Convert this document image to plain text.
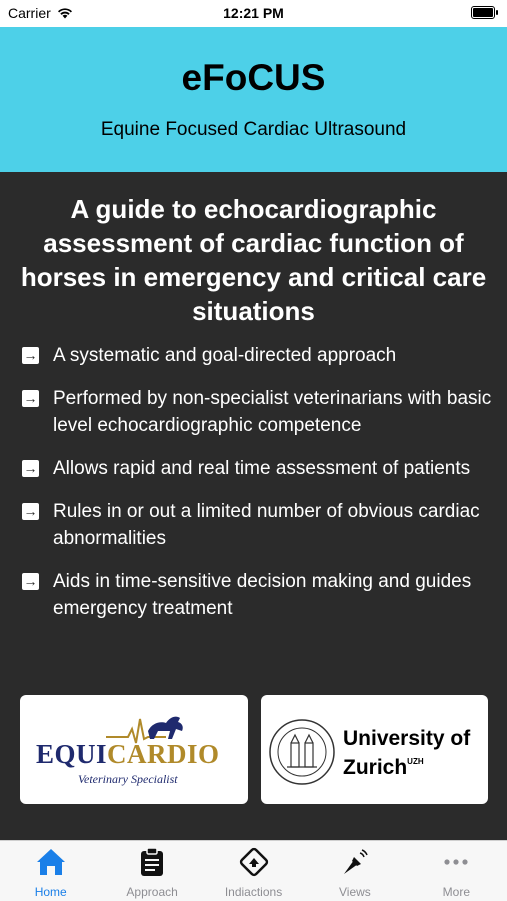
Carrier	12:21 PM
eFoCUS
Equine Focused Cardiac Ultrasound
A guide to echocardiographic assessment of cardiac function of horses in emergency and critical care situations
→ A systematic and goal-directed approach
→ Performed by non-specialist veterinarians with basic level echocardiographic competence
→ Allows rapid and real time assessment of patients
→ Rules in or out a limited number of obvious cardiac abnormalities
→ Aids in time-sensitive decision making and guides emergency treatment
EQUICARDIO
Veterinary Specialist
University of
Zurich$^{UZH}$
Home	Approach	Indiactions	Views	More
